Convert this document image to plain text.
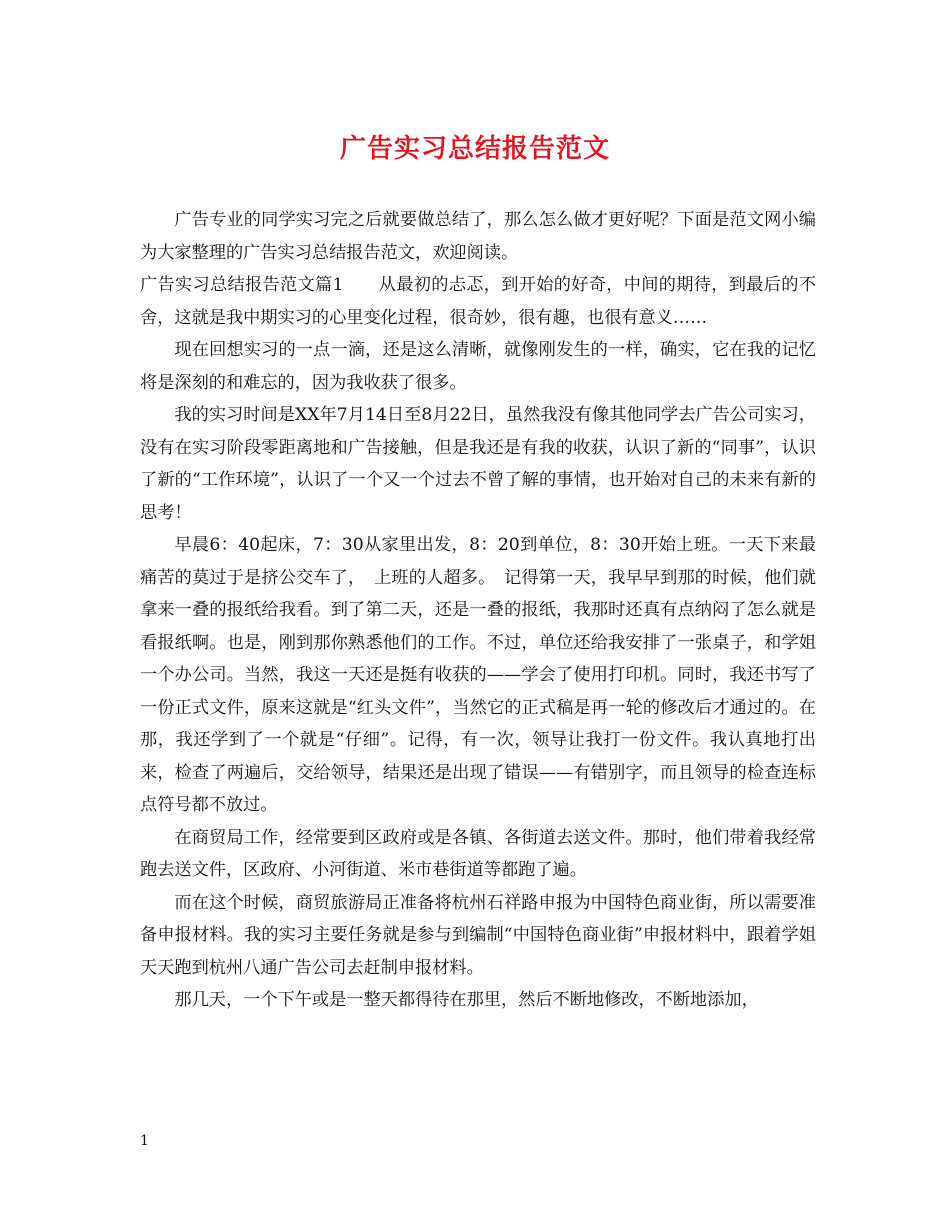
广告实习总结报告范文

广告专业的同学实习完之后就要做总结了，那么怎么做才更好呢？下面是范文网小编为大家整理的广告实习总结报告范文，欢迎阅读。

广告实习总结报告范文篇1　　从最初的忐忑，到开始的好奇，中间的期待，到最后的不舍，这就是我中期实习的心里变化过程，很奇妙，很有趣，也很有意义……

现在回想实习的一点一滴，还是这么清晰，就像刚发生的一样，确实，它在我的记忆将是深刻的和难忘的，因为我收获了很多。

我的实习时间是XX年7月14日至8月22日，虽然我没有像其他同学去广告公司实习，没有在实习阶段零距离地和广告接触，但是我还是有我的收获，认识了新的“同事”，认识了新的“工作环境”，认识了一个又一个过去不曾了解的事情，也开始对自己的未来有新的思考！

早晨6：40起床，7：30从家里出发，8：20到单位，8：30开始上班。一天下来最痛苦的莫过于是挤公交车了，　上班的人超多。　记得第一天，我早早到那的时候，他们就拿来一叠的报纸给我看。到了第二天，还是一叠的报纸，我那时还真有点纳闷了怎么就是看报纸啊。也是，刚到那你熟悉他们的工作。不过，单位还给我安排了一张桌子，和学姐一个办公司。当然，我这一天还是挺有收获的——学会了使用打印机。同时，我还书写了一份正式文件，原来这就是“红头文件”，当然它的正式稿是再一轮的修改后才通过的。在那，我还学到了一个就是“仔细”。记得，有一次，领导让我打一份文件。我认真地打出来，检查了两遍后，交给领导，结果还是出现了错误——有错别字，而且领导的检查连标点符号都不放过。

在商贸局工作，经常要到区政府或是各镇、各街道去送文件。那时，他们带着我经常跑去送文件，区政府、小河街道、米市巷街道等都跑了遍。

而在这个时候，商贸旅游局正准备将杭州石祥路申报为中国特色商业街，所以需要准备申报材料。我的实习主要任务就是参与到编制“中国特色商业街”申报材料中，跟着学姐天天跑到杭州八通广告公司去赶制申报材料。

那几天，一个下午或是一整天都得待在那里，然后不断地修改，不断地添加，

1
